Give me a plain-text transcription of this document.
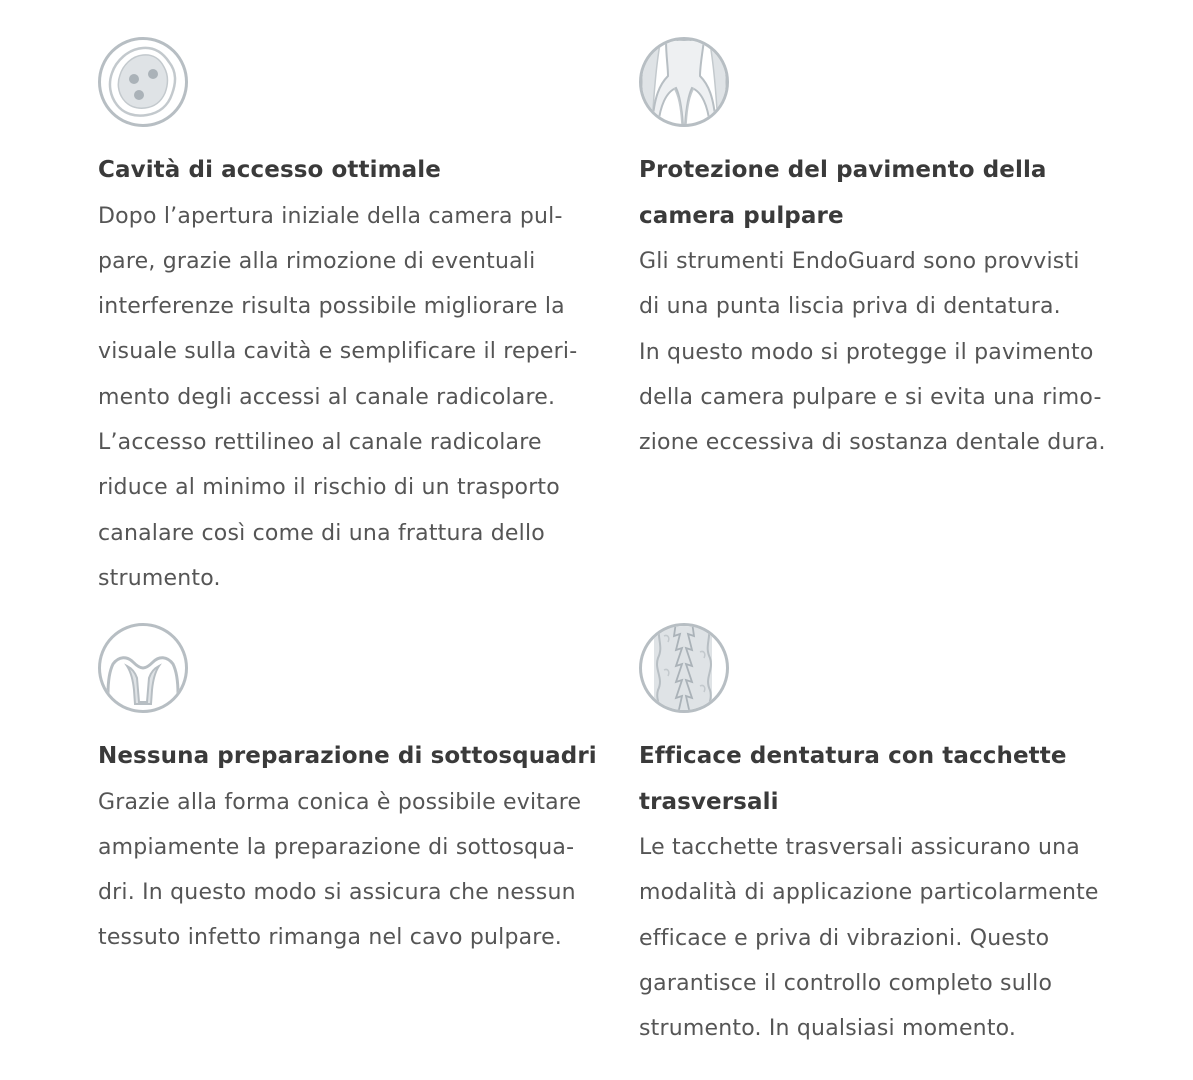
Cavità di accesso ottimale
Dopo l’apertura iniziale della camera pul-
pare, grazie alla rimozione di eventuali
interferenze risulta possibile migliorare la
visuale sulla cavità e semplificare il reperi-
mento degli accessi al canale radicolare.
L’accesso rettilineo al canale radicolare
riduce al minimo il rischio di un trasporto
canalare così come di una frattura dello
strumento.
Protezione del pavimento della
camera pulpare
Gli strumenti EndoGuard sono provvisti
di una punta liscia priva di dentatura.
In questo modo si protegge il pavimento
della camera pulpare e si evita una rimo-
zione eccessiva di sostanza dentale dura.
Nessuna preparazione di sottosquadri
Grazie alla forma conica è possibile evitare
ampiamente la preparazione di sottosqua-
dri. In questo modo si assicura che nessun
tessuto infetto rimanga nel cavo pulpare.
Efficace dentatura con tacchette
trasversali
Le tacchette trasversali assicurano una
modalità di applicazione particolarmente
efficace e priva di vibrazioni. Questo
garantisce il controllo completo sullo
strumento. In qualsiasi momento.
